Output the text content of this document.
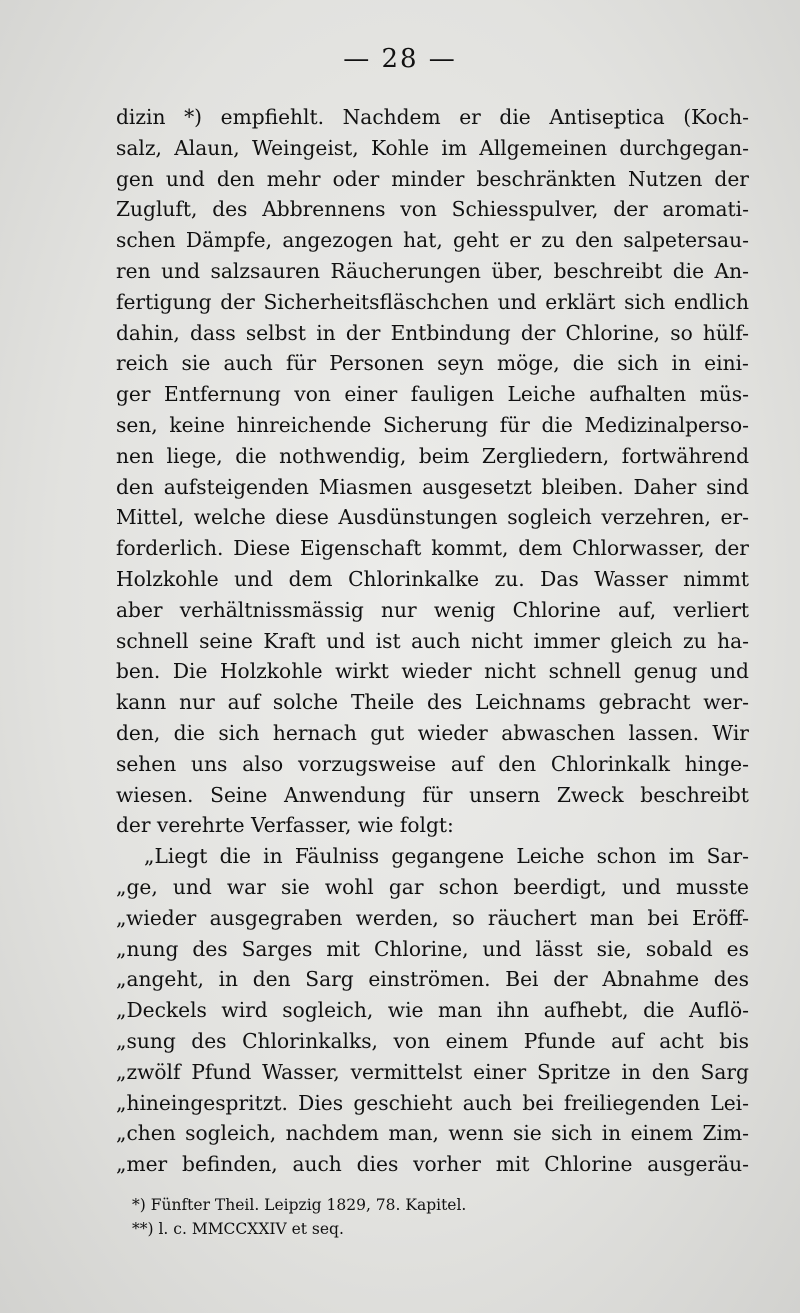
— 28 —
dizin *) empfiehlt. Nachdem er die Antiseptica (Koch-
salz, Alaun, Weingeist, Kohle im Allgemeinen durchgegan-
gen und den mehr oder minder beschränkten Nutzen der
Zugluft, des Abbrennens von Schiesspulver, der aromati-
schen Dämpfe, angezogen hat, geht er zu den salpetersau-
ren und salzsauren Räucherungen über, beschreibt die An-
fertigung der Sicherheitsfläschchen und erklärt sich endlich
dahin, dass selbst in der Entbindung der Chlorine, so hülf-
reich sie auch für Personen seyn möge, die sich in eini-
ger Entfernung von einer fauligen Leiche aufhalten müs-
sen, keine hinreichende Sicherung für die Medizinalperso-
nen liege, die nothwendig, beim Zergliedern, fortwährend
den aufsteigenden Miasmen ausgesetzt bleiben. Daher sind
Mittel, welche diese Ausdünstungen sogleich verzehren, er-
forderlich. Diese Eigenschaft kommt, dem Chlorwasser, der
Holzkohle und dem Chlorinkalke zu. Das Wasser nimmt
aber verhältnissmässig nur wenig Chlorine auf, verliert
schnell seine Kraft und ist auch nicht immer gleich zu ha-
ben. Die Holzkohle wirkt wieder nicht schnell genug und
kann nur auf solche Theile des Leichnams gebracht wer-
den, die sich hernach gut wieder abwaschen lassen. Wir
sehen uns also vorzugsweise auf den Chlorinkalk hinge-
wiesen. Seine Anwendung für unsern Zweck beschreibt
der verehrte Verfasser, wie folgt:
„Liegt die in Fäulniss gegangene Leiche schon im Sar-
„ge, und war sie wohl gar schon beerdigt, und musste
„wieder ausgegraben werden, so räuchert man bei Eröff-
„nung des Sarges mit Chlorine, und lässt sie, sobald es
„angeht, in den Sarg einströmen. Bei der Abnahme des
„Deckels wird sogleich, wie man ihn aufhebt, die Auflö-
„sung des Chlorinkalks, von einem Pfunde auf acht bis
„zwölf Pfund Wasser, vermittelst einer Spritze in den Sarg
„hineingespritzt. Dies geschieht auch bei freiliegenden Lei-
„chen sogleich, nachdem man, wenn sie sich in einem Zim-
„mer befinden, auch dies vorher mit Chlorine ausgeräu-
*) Fünfter Theil. Leipzig 1829, 78. Kapitel.
**) l. c. MMCCXXIV et seq.
